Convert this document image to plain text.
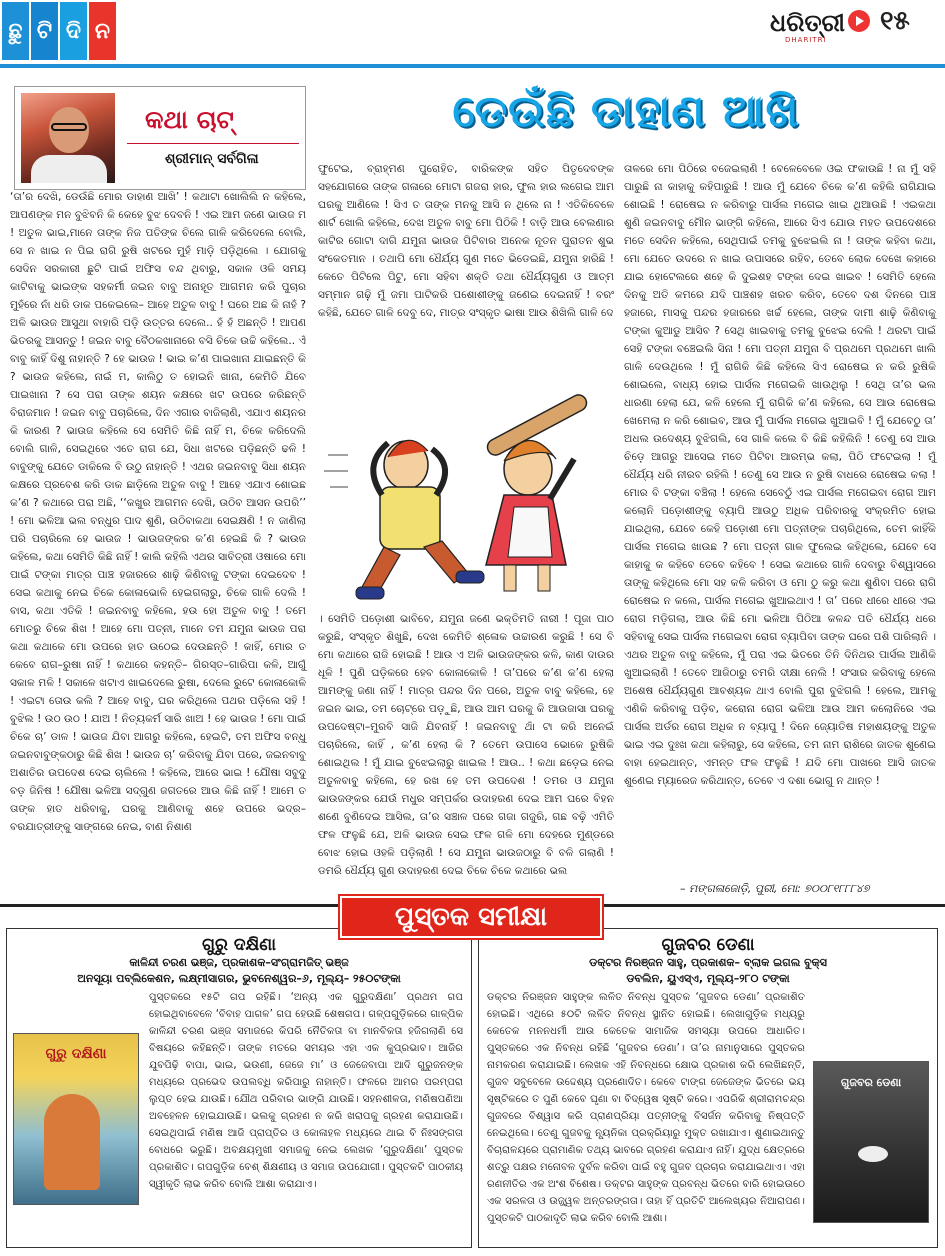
ଛୁ ଟି ଦି ନ	ଧରିତ୍ରୀ
DHARITRI
୧୫
କଥା ଚାଟ୍
ଶ୍ରୀମାନ୍ ସର୍ବଗିଳା
ଡେଉଁଛି ଡାହାଣ ଆଖି
‘ତା’ର ଦେଖି, ଡେଉଁଛି ମୋର ଡାହାଣ ଆଖି’ ! କଥାଟା ଖୋଲିଲି ନ କହିଲେ, ଆପଣଙ୍କ ମନ ବୁଝିବନି କି କେହେ ବୁଝ ଦେବନି ! ଏଇ ଆମ ଜଣେ ଭାଉଜ ମ ! ଅତୁଳ ଭାଇ,ମାନେ ତାଙ୍କ ନିଜ ପତିଙ୍କ ଚିଲେ ଗାଳି କରିଦେଲେ ବୋଲି, ସେ ନ ଖାଇ ନ ପିଇ ରାଗି ରୁଷି ଖଟରେ ମୁହଁ ମାଡ଼ି ପଡ଼ିଥିଲେ । ଯୋଗକୁ ସେଦିନ ସରକାରୀ ଛୁଟି ପାଇଁ ଅଫିସ ବନ୍ଦ ଥିବାରୁ, ସକାଳ ଓଳି ସମୟ କାଟିବାକୁ ଭାଇଙ୍କ ସହକର୍ମୀ ଜଇନ ବାବୁ ଅନାହୂତ ଆଗମନ କରି ପୁଚାର ମୁହଁରେ ନାଁ ଧରି ଡାକ ପକେଇଲେ– ଆହେ ଅତୁଳ ବାବୁ ! ଘରେ ଅଛ କି ନାହଁ ? ଅଳି ଭାଉଜ ଆସୁଥା ବାହାରି ପଡ଼ି ଉତ୍ତର ଦେଲେ.. ହଁ ହଁ ଅଛନ୍ତି ! ଆପଣ ଭିତରକୁ ଆସନ୍ତୁ ! ଜଇନ ବାବୁ ବୈଠକଖାନାରେ ବସି ଚିକେ ଉଚ୍ଚି କହିଲେ.. ଏଁ ବାବୁ କାହିଁ ଦିଶୁ ନାହାନ୍ତି ? ହେ ଭାଉଜ ! ଭାଇ କ’ଣ ପାଇଖାନା ଯାଇଛନ୍ତି କି ? ଭାଉଜ କହିଲେ, ନାଇଁ ମ, କାଲିଠୁ ତ ହୋଇନି ଖାନା, କେମିତି ଯିବେ ପାଇଖାନା ? ସେ ପରା ତାଙ୍କ ଶୟନ କକ୍ଷରେ ଖଟ ଉପରେ କରିଛନ୍ତି ବିରାଜମାନ ! ଜଇନ ବାବୁ ପଚାରିଲେ, ଦିନ ଏଗାର ବାଜିଲାଣି, ଏଯାଏ ଶୟନର କି କାରଣ ? ଭାଉଜ କହିଲେ ସେ ସେମିତି କିଛି ନାହିଁ ମ, ଚିକେ କରିଦେଲି ବୋଲି ଗାଳି, ସେଇଥିରେ ଏତେ ରାଗ ଯେ, ସିଧା ଖଟରେ ପଡ଼ିଛନ୍ତି ଢଳି ! ବାବୁଙ୍କୁ ଯେତେ ଡାକିଲେ ବି ଉଠୁ ନାହାନ୍ତି ! ଏଥର ଜଇନବାବୁ ସିଧା ଶୟନ କକ୍ଷରେ ପ୍ରବେଶ କରି ଡାକ ଛାଡ଼ିଲେ ଅତୁଳ ବାବୁ ! ଆହେ ଏଯାଏ ଶୋଇଛ କ’ଣ ? କଥାରେ ପରା ଅଛି, ‘‘କଖୁର ଆଗମନ ଦେଖି, ଉଠିବ ଆସନ ଉପରି’’ ! ମୋ ଭଳିଆ ଭଲ ବନ୍ଧୁର ପାଦ ଶୁଣି, ଉଠିବାକଥା ସେଇକ୍ଷଣି ! ନ ଜାଣିଲା ପରି ପଚାରିଲେ ହେ ଭାଉଜ ! ଭାଉଜଙ୍କର କ’ଣ ହେଇଛି କି ? ଭାଉଜ କହିଲେ, କଥା ସେମିତି କିଛି ନାହିଁ ! କାଲି କହିଲି ଏଥର ସାବିତ୍ରୀ ଓଷାରେ ମୋ ପାଇଁ ଟଙ୍କା ମାତ୍ର ପାଞ୍ଚ ହଜାରରେ ଶାଢ଼ି କିଣିବାକୁ ଟଙ୍କା ଦେଇଦେବ ! ସେଇ କଥାକୁ ନେଇ ଚିକେ କୋଳାଭୋଳି ହେଇଗଲାରୁ, ଚିକେ ଗାଳି ଦେଲି ! ବାସ, କଥା ଏତିକି ! ଜଇନବାବୁ କହିଲେ, ହଉ ହୋ ଅତୁଳ ବାବୁ ! ତମେ ମୋତରୁ ଚିକେ ଶିଖ ! ଆହେ ମୋ ପତ୍ନୀ, ମାନେ ତମ ଯମୁନା ଭାଉଜ ପରା କଥା କଥାକେ ମୋ ଉପରେ ହାତ ଉଠେଇ ଦେଉଛନ୍ତି ! କାହିଁ, ମୋର ତ କେବେ ରାଗ–ରୁଷା ନାହିଁ ! କଥାରେ କହନ୍ତି– ଗିରସ୍ତ–ଗାରିପା କଳି, ଆଗୁଁ ସକାଳ ମଳି ! ସକାଳେ ଖଟାଏ ଖାଇଦେଲେ ରୁଷା, ଦେଲେ ରୁଟେ କୋଳାକୋଳି ! ଏଇଟା ତୋଉ କଲି ? ଆହେ ବାବୁ, ଘର କରିଥିଲେ ପଥର ପଡ଼ିଲେ ସହି ! ବୁଝିଲ ! ଉଠ ଉଠ ! ଯାଅ ! ନିତ୍ୟକର୍ମ ସାରି ଖାଅ ! ହେ ଭାଉଜ ! ମୋ ପାଇଁ ଚିକେ ଚା’ ଡାଳ ! ଭାଉଜ ଯିବା ଆଗରୁ କହିଲେ, ହେଇଟି, ତମ ଅଫିସ ବନ୍ଧୁ ଜଇନବାବୁଙ୍କଠାରୁ କିଛି ଶିଖ ! ଭାଉଜ ଚା’ କରିବାକୁ ଯିବା ପରେ, ଜଇନବାବୁ ଅଶାତିର ଉପଦେଶ ଦେଇ ଚାଲିଲେ ! କହିଲେ, ଆରେ ଭାଇ ! ଯୌଷା ସବୁଦୁ ବଡ଼ ଜିନିଷ ! ଯୌଷା ଭଳିଆ ସଦ୍‌ଗୁଣ ଜଗତରେ ଆଉ କିଛି ନାହିଁ ! ଆମେ ତ ତାଙ୍କ ହାତ ଧରିବାକୁ, ଘରକୁ ଆଣିବାକୁ ଶହେ ଉପରେ ଭଦ୍ର–ବରଯାତ୍ରୀଙ୍କୁ ସାଙ୍ଗରେ ନେଇ, ବାଣ ନିଶାଣ
ଫୁଟେଇ, ବ୍ରାହ୍ମଣ ପୁରୋହିତ, ବାରିକଙ୍କ ସହିତ ପିତୃଦେବଙ୍କ ସହଯୋଗରେ ତାଙ୍କ ଗଳାରେ ମୋଟା ଗଜରା ହାର, ଫୁଲ ହାର ଲଗେଇ ଆମ ଘରକୁ ଆଣିଲେ ! ସିଏ ତ ତାଙ୍କ ମନକୁ ଆସି ନ ଥିଲେ ନା ! ଏତିକିବେଳେ ଶାର୍ଟ ଖୋଲି କହିଲେ, ଦେଖ ଅତୁଳ ବାବୁ ମୋ ପିଠିକି ! ବାଡ଼ି ଆଉ ବେଲଣାର କାଟିର ଗୋଟା ଦାଗି ଯମୁନା ଭାଉଜ ପିଟିବାର ଅନେକ ନୂତନ ପୁରାତନ ଶୁଭ ସଂକେତମାନ । ତଥାପି ମୋ ଧୈର୍ଯ୍ୟ ଗୁଣ ମତେ ଭିଡେଇଛି, ଯମୁନା ହାରିଛି ! କେତେ ପିଟିଲେ ପିଟୁ, ମୋ ସହିବା ଶକ୍ତି ତଥା ଧୈର୍ଯ୍ୟଗୁଣ ଓ ଆତ୍ମ ସମ୍ମାନ ଗଢ଼ି ମୁଁ ଜମା ପାଟିକରି ପଶୋଶୀଙ୍କୁ ଜଣେଇ ଦେଇନାହିଁ ! ବରଂ କହିଛି, ଯେତେ ଗାଳି ଦେବୁ ଦେ, ମାତ୍ର ସଂସ୍କୃତ ଭାଷା ଆଉ ଶିଖିଲି ଗାଳି ଦେ
। ସେମିତି ପଡ଼ୋଶୀ ଭାବିବେ, ଯମୁନା ଜଣେ ଭକ୍ତିମତି ନାରୀ ! ପୂଜା ପାଠ କରୁଛି, ସଂସ୍କୃତ ଶିଖୁଛି, ଦେଖ କେମିତି ଶ୍ଳୋକ ଉଚ୍ଚାରଣ କରୁଛି ! ସେ ବି ମୋ କଥାରେ ରାଜି ହୋଇଛି ! ଆଉ ଏ ଅଳି ଭାଉଜଙ୍କର କଳି, କାଣ ଦାଉର ଧୂଳି ! ପୁଣି ଘଡ଼ିକରେ ହେବ କୋଳାକୋଳି ! ତା’ପରେ କ’ଣ କ’ଣ ହେଲା ଆମଙ୍କୁ ଜଣା ନାହିଁ ! ମାତ୍ର ପନ୍ଦର ଦିନ ପରେ, ଅତୁଳ ବାବୁ କହିଲେ, ହେ ଜଇନ ଭାଇ, ତମ ଚୋଟ୍‌ରେ ପଡ଼ୁଛି, ଆଉ ଆମ ଘରକୁ କି ଆଉଜାସା ଘରକୁ ଉପଦେଷ୍ଟା–ମୁରବି ସାଜି ଯିବନାହିଁ ! ଜଇନବାବୁ ଥାଁ ଟା କରି ଅନେଇଁ ପଚାରିଲେ, କାହିଁ , କ’ଣ ହେଲା କି ? ତେମେ ଉପାସେ ଭୋକେ ରୁଷିକି ଶୋଇଥିଲ ! ମୁଁ ଯାଇ ବୁଝେଇଲାରୁ ଖାଇଲ ! ଆଉ.. ! କଥା ଛଡ଼େଇ ନେଇ ଅତୁଳବାବୁ କହିଲେ, ହେ ରଖ ହେ ତମ ଉପଦେଶ ! ତମର ଓ ଯମୁନା ଭାଉଜଙ୍କର ଯେଉଁ ମଧୁର ସମ୍ପର୍କର ଉଦାହରଣ ଦେଇ ଆମ ଘରେ ବିହନ ଶଣେ ବୁଣିଦେଇ ଆସିଲ, ତା’ର ସଞ୍ଚାଳ ପରେ ଗଜା ଗଜୁରି, ଗଛ ବଢ଼ି ଏମିତି ଫଳ ଫଳୁଛି ଯେ, ଅଳି ଭାଉଜ ସେଇ ଫଳ ଗଳି ମୋ ଦେହରେ ମୁଣ୍ଡରେ ବୋଝ ହୋଇ ଓହଳି ପଡ଼ିଲାଣି ! ସେ ଯମୁନା ଭାଉଜଠାରୁ ବି ବଳି ଗଲାଣି ! ଡମରି ଧୈର୍ଯ୍ୟ ଗୁଣ ଉଦାହରଣ ଦେଇ ଚିକେ ଚିକେ କଥାରେ ଭଲ
ତାଳରେ ମୋ ପିଠିରେ ବଜେଇଲାଣି ! ବେଳେବେଳେ ଓଇ ଫକାଉଛି ! ନା ମୁଁ ସହି ପାରୁଛି ନା କାହାକୁ କହିପାରୁଛି ! ଆଉ ମୁଁ ଯେବେ ଚିକେ କ’ଣ କହିଲି ରାଗିଯାଇ ଶୋଇଛି ! ରୋଷେଇ ନ କରିବାରୁ ପାର୍ସଲ ମଗେଇ ଖାଇ ଥିଆଉଛି ! ଏଇକଥା ଶୁଣି ଜଇନବାବୁ ମୌନ ଭାଙ୍ଗି କହିଲେ, ଆରେ ସିଏ ଯୋଉ ମହତ ଉପଦେଶରେ ମତେ ସେଦିନ କହିଲେ, ସେଥିପାଇଁ ତମକୁ ବୁଝେଇଲି ନା ! ତାଙ୍କ କହିବା କଥା, ମୋ ଯେତେ ଉଦରେ ନ ଖାଇ ଉପାସରେ ରହିବ, ତେବେ ଲୋକ ଦେଖେ କହାରେ ଯାଇ ହୋଟେଲରେ ଶହେ କି ଦୁଇଶହ ଟଙ୍କା ଦେଇ ଖାଇବ ! ସେମିତି ହେଲେ ଦିନକୁ ଅତି କମରେ ଯଦି ପାଞ୍ଚଶହ ଖରଚ କରିବ, ତେବେ ଦଶ ଦିନରେ ପାଞ୍ଚ ହଜାରେ, ମାସକୁ ପନ୍ଦର ହଜାରରେ ଖର୍ଚ୍ଚ ହେଲେ, ତାଙ୍କ ଦାମୀ ଶାଢ଼ି କିଣିବାକୁ ଟଙ୍କା କୁଆଡୁ ଆସିବ ? ସେଥି ଖାଇବାକୁ ତମକୁ ବୁଝେଇ ଦେଲି ! ଥରଟା ପାଇଁ ସେହି ଟଙ୍କା ବଞ୍ଚେଇଲି ସିନା ! ମୋ ପତ୍ନୀ ଯମୁନା ବି ପ୍ରଥମେ ପ୍ରଥମେ ଖାଲି ଗାଳି ଦେଉଥିଲେ ! ମୁଁ ରାଗିକି କିଛି କହିଲେ ସିଏ ରୋଷେଇ ନ କରି ରୁଷିକି ଶୋଇଲେ, ବାଧ୍ୟ ହୋଇ ପାର୍ସଲ ମଗେଇକି ଖାଉଥିଲୁ ! ସେଥି ତା’ର ଭଲ ଧାରଣା ହେଲା ଯେ, କଳି ହେଲେ ମୁଁ ରାଗିକି କ’ଣ କହିଲେ, ସେ ଆଉ ରୋଷେଇ ଖେମେଲା ନ କରି ଶୋଇବ, ଆଉ ମୁଁ ପାର୍ସଲ ମଗେଇ ଖୁଆଇବି ! ମୁଁ ଯେବେଠୁ ତା’ ଅଧଲ ଉଦେଶ୍ୟ ବୁଝିଗଲି, ସେ ଗାଳି କଲେ ବି କିଛି କହିଲିନି ! ତେଣୁ ସେ ଆଉ ଚିଡ଼େ ଆଗରୁ ଆସେଇ ମତେ ପିଟିବା ଆରମ୍ଭ କଲା, ପିଠି ଫଟେଇଲା ! ମୁଁ ଧୈର୍ଯ୍ୟ ଧରି ନୀରବ ରହିଲି ! ତେଣୁ ସେ ଆଉ ନ ରୁଷି ବାଧରେ ରୋଷେଇ କଲା ! ମୋର ବି ଟଙ୍କା ବଞ୍ଚିଲା ! ହେଲେ ସେବେଠୁଁ ଏଇ ପାର୍ସଲ ମଗେଇବା ରୋଗ ଆମ କଲୋନି ପଡ଼ୋଶୀଙ୍କୁ ବ୍ୟାପି ଆଉଠୁ ଅଧିକ ପରିବାରକୁ ସଂକ୍ରମିତ ହୋଇ ଯାଇଥିଲା, ଯେବେ କେହି ପଡ଼ୋଶୀ ମୋ ପତ୍ନୀଙ୍କ ପଚାରିଥିଲେ, ତେମ କାହିଁକି ପାର୍ସଲ ମଗେଇ ଖାଉଛ ? ମୋ ପତ୍ନୀ ଗାଳ ଫୁଲେଇ କହିଥିଲେ, ଯେବେ ସେ କାହାକୁ କ କହିବେ ତେବେ କହିବେ ! ସେଇ କଥାରେ ଗାଳି ଦେବାରୁ ବିଶ୍ୱାସରେ ତାଙ୍କୁ କହିଥିଲେ ମୋ ସହ କଳି କରିବା ଓ ମୋ ଠୁ କରୁ କଥା ଶୁଣିବା ପରେ ରାଗି ରୋଷେଇ ନ କଲେ, ପାର୍ସଲ ମଗେଇ ଖୁଆଇଥାଏ ! ତା’ ପରେ ଧୀରେ ଧୀରେ ଏଇ ରୋଗ ମଡ଼ିଗଲା, ଆଉ କିଛି ମୋ ଭଳିଆ ପିଠିଆ କଳନ୍ଦ ପତି ଧୈର୍ଯ୍ୟ ଧରେ ସହିବାକୁ ସେଇ ପାର୍ସଲ ମଗେଇବା ରୋଗ ବ୍ୟାପିବା ତାଙ୍କ ଘରେ ପଶି ପାରିଲାନି । ଏଥର ଅତୁଳ ବାବୁ କହିଲେ, ମୁଁ ପରା ଏଇ ଭିତରେ ତିନି ଦିନିଥର ପାର୍ସଲ ଆଣିକି ଖୁଆଇଲାଣି ! ତେବେ ଆଜିଠାରୁ ଚମରି ଦୀକ୍ଷା ନେଲି ! ସଂସାର କରିବାକୁ ହେଲେ ଅଶେଷ ଧୈର୍ଯ୍ୟଗୁଣ ଆବଶ୍ୟକ ଥାଏ ବୋଲି ପୁରା ବୁଝିଗଲି ! ହେଲେ, ଆମକୁ ଏଣିକି କରିବାକୁ ପଡ଼ିବ, କରୋନା ରୋଗ ଭଳିଆ ଆଉ ଆମ କଲୋନିରେ ଏଇ ପାର୍ସଲ ଅର୍ଡର ରୋଗ ଅଧିକ ନ ବ୍ୟାପୁ ! ଦିନେ ଜ୍ୟୋତିଷ ମହାଶୟଙ୍କୁ ଅତୁଳ ଭାଇ ଏଇ ଦୁଃଖ କଥା କହିଲାରୁ, ସେ କହିଲେ, ତମ ନାମ ରାଶିରେ ଜାତକ ଶୁଣେଇ ବାହା ହେଇଥାନ୍ତ, ଏମନ୍ତ ଫଳ ଫଳୁଛି ! ଯଦି ମୋ ପାଖରେ ଆସି ଜାତକ ଶୁଣେଇ ମ୍ୟାରେଜ କରିଥାନ୍ତ, ତେବେ ଏ ଦଶା ଭୋଗୁ ନ ଥାନ୍ତ !
– ମଙ୍ଗଳାଜୋଡ଼ି, ପୁରୀ, ମୋ: ୭୦୦୮୧୮୮୮୪୭
ଗୁରୁ ଦକ୍ଷିଣା
କାଳିନ୍ଦୀ ଚରଣ ଭଞ୍ଜ, ପ୍ରକାଶକ–ସଂଗ୍ରାମଜିତ୍ ଭଞ୍ଜ
ଅନସୂୟା ପବ୍ଲିକେଶନ, ଲକ୍ଷ୍ମୀସାଗର, ଭୁବନେଶ୍ୱର–୬, ମୂଲ୍ୟ– ୨୫୦ଟଙ୍କା
ପୁସ୍ତକରେ ୧୫ଟି ଗପ ରହିଛି। ‘ଅନ୍ୟ ଏକ ଗୁରୁଦକ୍ଷିଣା’ ପ୍ରଥମ ଗପ ହୋଇଥିବାବେଳେ ‘ବିବାହ ପାଗଳ’ ଗପ ହେଉଛି ଶେଷଗପ। ଗଳ୍ପଗୁଡ଼ିକରେ ଗାଳ୍ପିକ କାଳିନ୍ଦୀ ଚରଣ ଭଞ୍ଜ ସମାଜରେ କିପରି ନୈତିକତା ବା ମାନବିକତା ହଜିଗଲାଣି ସେ ବିଷୟରେ କହିଛନ୍ତି। ତାଙ୍କ ମତରେ ସମୟର ଏହା ଏକ କୁପ୍ରଭାବ। ଆଜିର ଯୁବପିଢ଼ି ବାପା, ଭାଇ, ଭଉଣୀ, ଜେଜେ ମା’ ଓ ଜେଜେବାପା ଆଦି ଗୁରୁଜନଙ୍କ ମଧ୍ୟରେ ପ୍ରଭେଦ ଉପଲବ୍ଧି କରିପାରୁ ନାହାନ୍ତି। ଫଳରେ ଆମର ପରମ୍ପରା ଲୁପ୍ତ ହେଇ ଯାଉଛି। ଯୌଥ ପରିବାର ଭାଙ୍ଗି ଯାଉଛି। ସହନଶୀଳତା, ମଣିଷପଣିଆ ଅବହେଳନ ହୋଇଯାଉଛି। ଭଲକୁ ଗ୍ରହଣ ନ କରି ଖରାପକୁ ଗ୍ରହଣ କରାଯାଉଛି। ସେଇଥିପାଇଁ ମଣିଷ ଆଜି ପ୍ରାପ୍ତିର ଓ କୋଳାହଳ ମଧ୍ୟରେ ଥାଇ ବି ନିଃସଙ୍ଗତା ବୋଧରେ ଭରୁଛି। ଅବକ୍ଷୟମୁଖୀ ସମାଜକୁ ନେଇ ଲେଖକ ‘ଗୁରୁଦକ୍ଷିଣା’ ପୁସ୍ତକ ପ୍ରକାଶିତ। ଗପଗୁଡ଼ିକ ବେଶ୍ ଶିକ୍ଷଣୀୟ ଓ ସମାଜ ଉପଯୋଗୀ। ପୁସ୍ତକଟି ପାଠକୀୟ ସ୍ୱୀକୃତି ଲାଭ କରିବ ବୋଲି ଆଶା କରାଯାଏ।
ଗୁରୁ ଦକ୍ଷିଣା
ଗୁଜବର ଡେଣା
ଡକ୍ଟର ନିରଞ୍ଜନ ସାହୁ, ପ୍ରକାଶକ– ବ୍ଲାକ ଇଗଲ ବୁକ୍ସ
ଡବଲିନ, ୟୁଏସ୍‌ଏ, ମୂଲ୍ୟ–୨୮୦ ଟଙ୍କା
ଡକ୍ଟର ନିରଞ୍ଜନ ସାହୁଙ୍କ ଲଳିତ ନିବନ୍ଧ ପୁସ୍ତକ ‘ଗୁଜବର ଡେଣା’ ପ୍ରକାଶିତ ହୋଇଛି। ଏଥିରେ ୫୦ଟି ଲଳିତ ନିବନ୍ଧ ସ୍ଥାନିତ ହୋଇଛି। ଲେଖାଗୁଡ଼ିକ ମଧ୍ୟରୁ କେତେକ ମନନଧର୍ମୀ ଆଉ କେତେକ ସାମାଜିକ ସମସ୍ୟା ଉପରେ ଆଧାରିତ। ପୁସ୍ତକରେ ଏକ ନିବନ୍ଧ ରହିଛି ‘ଗୁଜବର ଡେଣା’। ତା’ର ନାମାନୁସାରେ ପୁସ୍ତକର ନାମକରଣ କରାଯାଇଛି। ଲେଖକ ଏହି ନିବନ୍ଧରେ କ୍ଷୋଭ ପ୍ରକାଶ କରି ଲେଖିଛନ୍ତି, ଗୁଜବ ସବୁବେଳେ ଉଦ୍ଦେଶ୍ୟ ପ୍ରଣୋଦିତ। କେବେ ଟାଙ୍ଗ ଜେଜେଙ୍କ ଭିତରେ ଭୟ ସୃଷ୍ଟିକରେ ତ ପୁଣି କେବେ ଘୃଣା ବା ବିଦ୍ୱେଷ ସୃଷ୍ଟି କରେ। ଏପରିକି ଶ୍ରୀରାମଚନ୍ଦ୍ର ଗୁଜବରେ ବିଶ୍ୱାସ କରି ପ୍ରାଣପ୍ରିୟା ପତ୍ନୀଙ୍କୁ ବିସର୍ଜନ କରିବାକୁ ନିଷ୍ପତ୍ତି ନେଇଥିଲେ। ତେଣୁ ଗୁଜବକୁ ନ୍ୟୂନିକା ପ୍ରକ୍ରିୟାରୁ ମୁକ୍ତ ରଖାଯାଏ। ଶୁଣାଇଥାନ୍ତୁ ବିଚାରାଳୟରେ ପ୍ରାମାଣିକ ତଥ୍ୟ ଭାବରେ ଗ୍ରହଣ କରାଯାଏ ନାହିଁ। ଯୁଦ୍ଧ କ୍ଷେତ୍ରରେ ଶତ୍ରୁ ପକ୍ଷର ମନୋବଳ ଦୁର୍ବଳ କରିବା ପାଇଁ ବହୁ ଗୁଜବ ପ୍ରଚାର କରାଯାଇଥାଏ। ଏହା ରଣନୀତିର ଏକ ଅଂଶ ବିଶେଷ। ଡକ୍ଟର ସାହୁଙ୍କ ପ୍ରବନ୍ଧ ଭିତରେ ବାରି ହୋଇଉଠେ ଏକ ସରଳତା ଓ ଉଜ୍ଜ୍ୱଳ ଅନ୍ତରଙ୍ଗତା। ତାହା ହିଁ ପ୍ରତିଟି ଆଲେଖ୍ୟର ନିଆରାପଣ। ପୁସ୍ତକଟି ପାଠକାଦୃତି ଲାଭ କରିବ ବୋଲି ଆଶା।
ଗୁଜବର ଡେଣା
ପୁସ୍ତକ ସମୀକ୍ଷା
